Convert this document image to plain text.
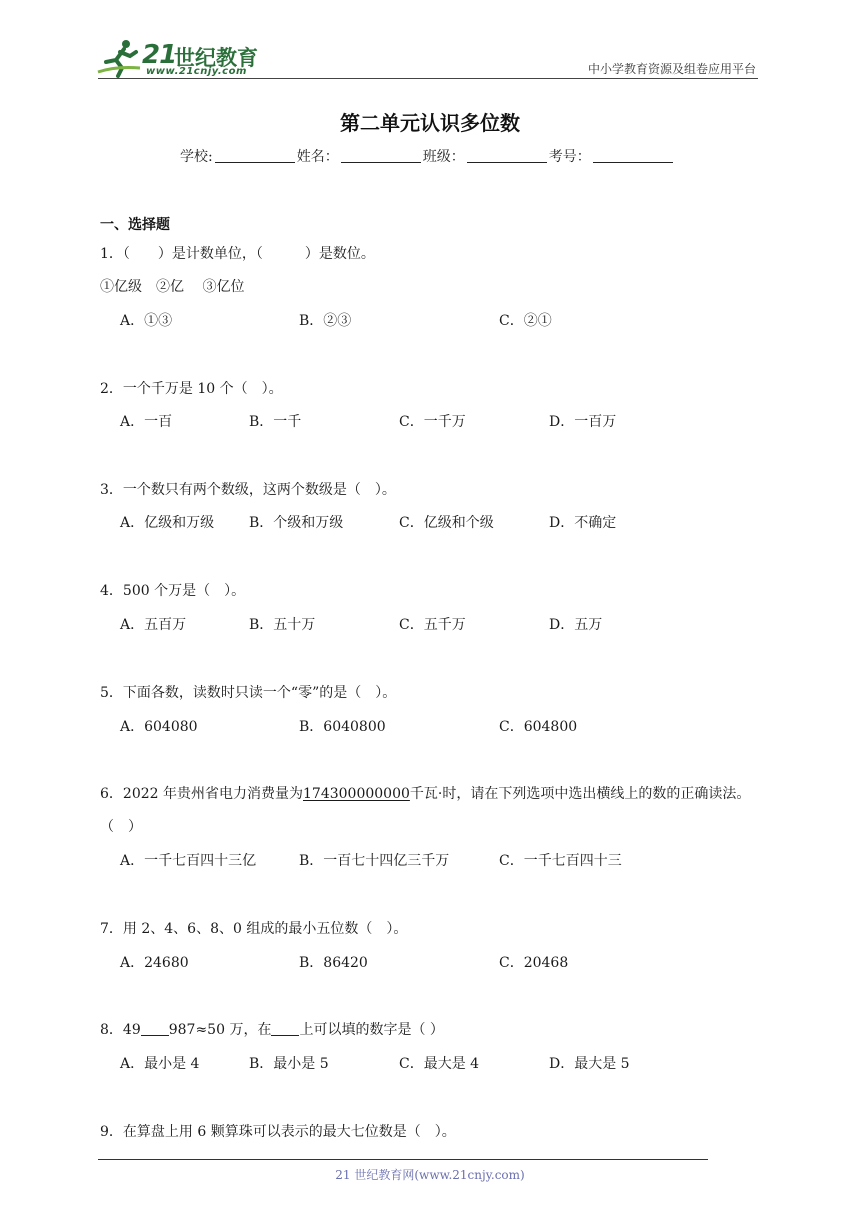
21
世纪教育
www.21cnjy.com	中小学教育资源及组卷应用平台
第二单元认识多位数
学校:	姓名：	班级：	考号：
一、选择题
1．（　　）是计数单位，（　　　）是数位。
①亿级　②亿　 ③亿位
A．①③	B．②③	C．②①
2．一个千万是 10 个（　）。
A．一百	B．一千	C．一千万	D．一百万
3．一个数只有两个数级，这两个数级是（　）。
A．亿级和万级 B．个级和万级	C．亿级和个级	D．不确定
4．500 个万是（　）。
A．五百万	B．五十万	C．五千万	D．五万
5．下面各数，读数时只读一个“零”的是（　）。
A．604080	B．6040800	C．604800
6．2022 年贵州省电力消费量为174300000000千瓦·时，请在下列选项中选出横线上的数的正确读法。
（　）
A．一千七百四十三亿	B．一百七十四亿三千万	C．一千七百四十三
7．用 2、4、6、8、0 组成的最小五位数（　）。
A．24680	B．86420	C．20468
8．49 987≈50 万，在 上可以填的数字是（ ）
A．最小是 4	B．最小是 5	C．最大是 4	D．最大是 5
9．在算盘上用 6 颗算珠可以表示的最大七位数是（　）。
21 世纪教育网(www.21cnjy.com)
